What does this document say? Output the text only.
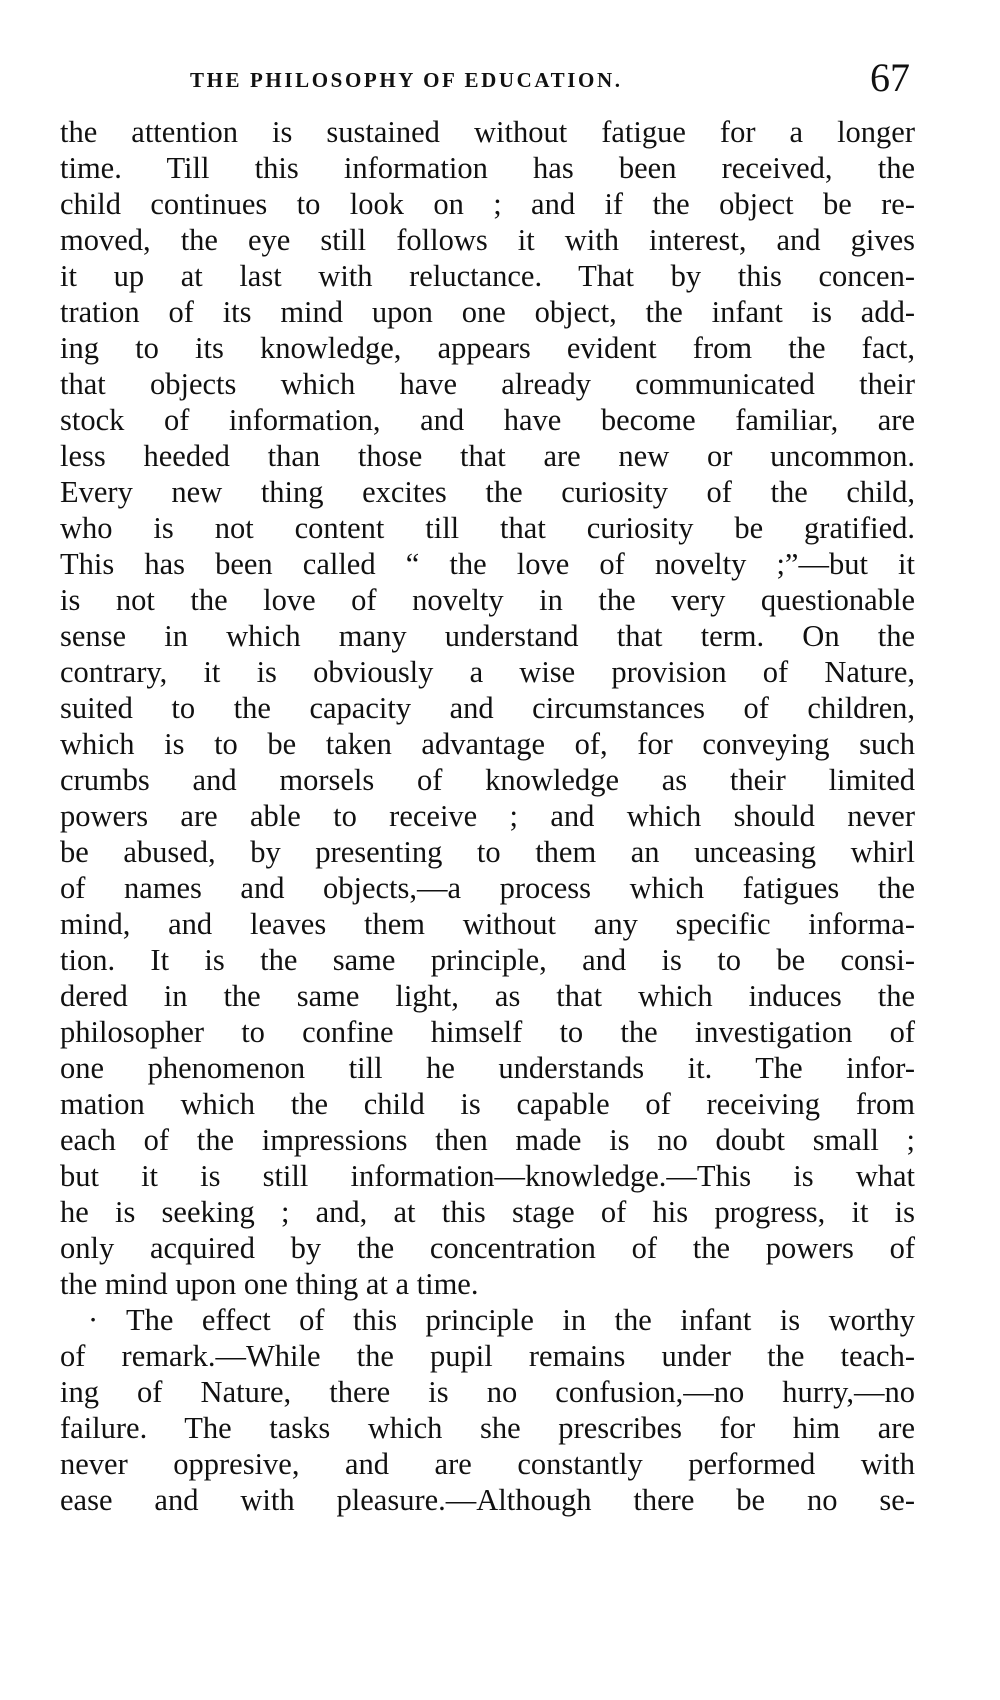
THE PHILOSOPHY OF EDUCATION.	67
the attention is sustained without fatigue for a longer
time. Till this information has been received, the
child continues to look on ; and if the object be re-
moved, the eye still follows it with interest, and gives
it up at last with reluctance. That by this concen-
tration of its mind upon one object, the infant is add-
ing to its knowledge, appears evident from the fact,
that objects which have already communicated their
stock of information, and have become familiar, are
less heeded than those that are new or uncommon.
Every new thing excites the curiosity of the child,
who is not content till that curiosity be gratified.
This has been called “ the love of novelty ;”—but it
is not the love of novelty in the very questionable
sense in which many understand that term. On the
contrary, it is obviously a wise provision of Nature,
suited to the capacity and circumstances of children,
which is to be taken advantage of, for conveying such
crumbs and morsels of knowledge as their limited
powers are able to receive ; and which should never
be abused, by presenting to them an unceasing whirl
of names and objects,—a process which fatigues the
mind, and leaves them without any specific informa-
tion. It is the same principle, and is to be consi-
dered in the same light, as that which induces the
philosopher to confine himself to the investigation of
one phenomenon till he understands it. The infor-
mation which the child is capable of receiving from
each of the impressions then made is no doubt small ;
but it is still information—knowledge.—This is what
he is seeking ; and, at this stage of his progress, it is
only acquired by the concentration of the powers of
the mind upon one thing at a time.
· The effect of this principle in the infant is worthy
of remark.—While the pupil remains under the teach-
ing of Nature, there is no confusion,—no hurry,—no
failure. The tasks which she prescribes for him are
never oppresive, and are constantly performed with
ease and with pleasure.—Although there be no se-
